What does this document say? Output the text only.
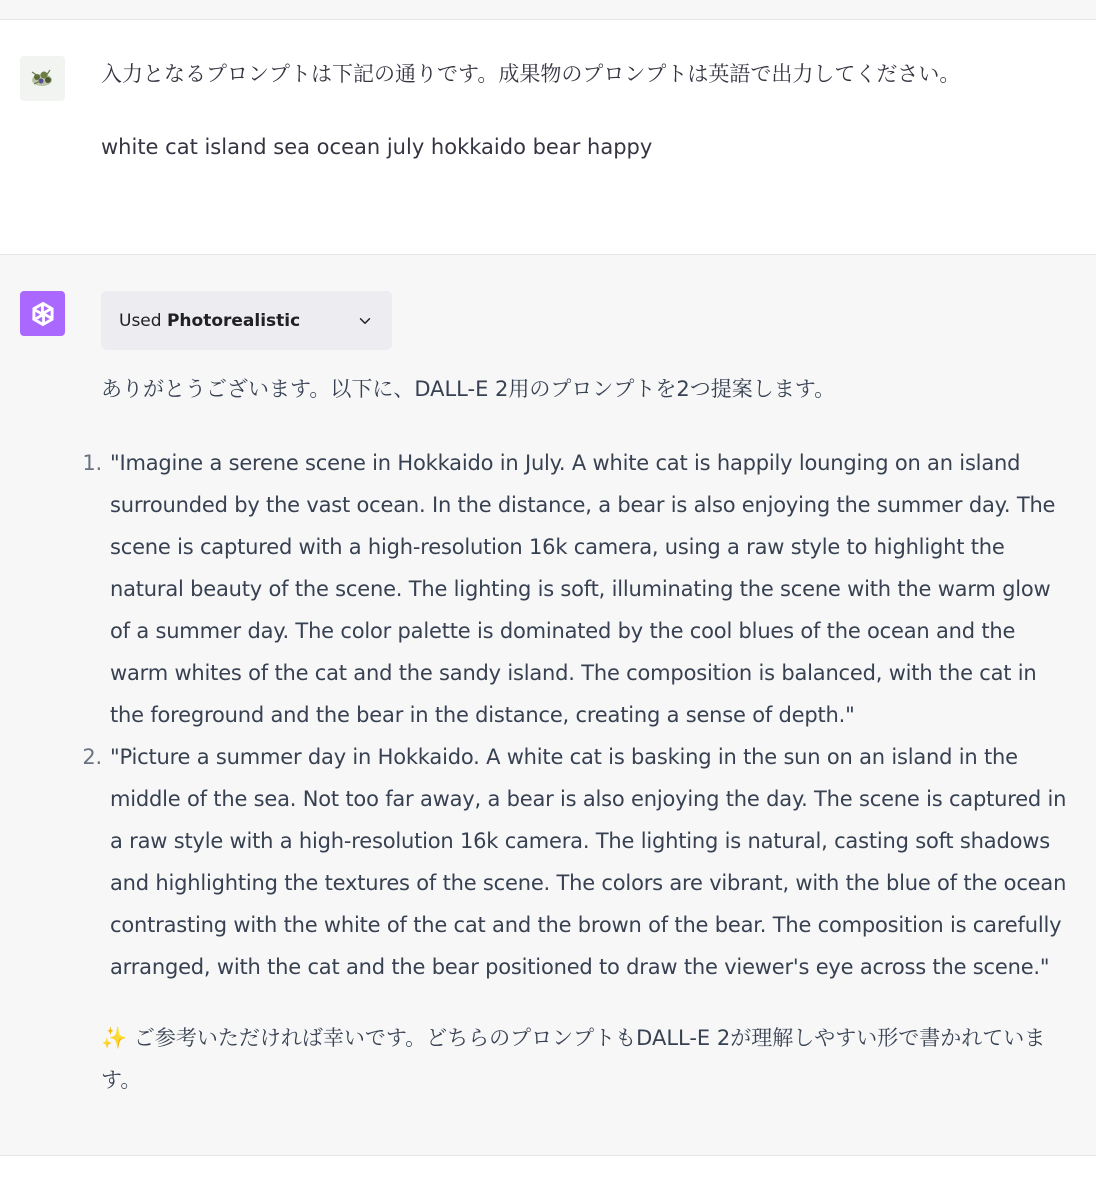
入力となるプロンプトは下記の通りです。成果物のプロンプトは英語で出力してください。
white cat island sea ocean july hokkaido bear happy
Used Photorealistic
ありがとうございます。以下に、DALL-E 2用のプロンプトを2つ提案します。
1. "Imagine a serene scene in Hokkaido in July. A white cat is happily lounging on an island surrounded by the vast ocean. In the distance, a bear is also enjoying the summer day. The scene is captured with a high-resolution 16k camera, using a raw style to highlight the natural beauty of the scene. The lighting is soft, illuminating the scene with the warm glow of a summer day. The color palette is dominated by the cool blues of the ocean and the warm whites of the cat and the sandy island. The composition is balanced, with the cat in the foreground and the bear in the distance, creating a sense of depth."
2. "Picture a summer day in Hokkaido. A white cat is basking in the sun on an island in the middle of the sea. Not too far away, a bear is also enjoying the day. The scene is captured in a raw style with a high-resolution 16k camera. The lighting is natural, casting soft shadows and highlighting the textures of the scene. The colors are vibrant, with the blue of the ocean contrasting with the white of the cat and the brown of the bear. The composition is carefully arranged, with the cat and the bear positioned to draw the viewer's eye across the scene."
✨ ご参考いただければ幸いです。どちらのプロンプトもDALL-E 2が理解しやすい形で書かれています。
